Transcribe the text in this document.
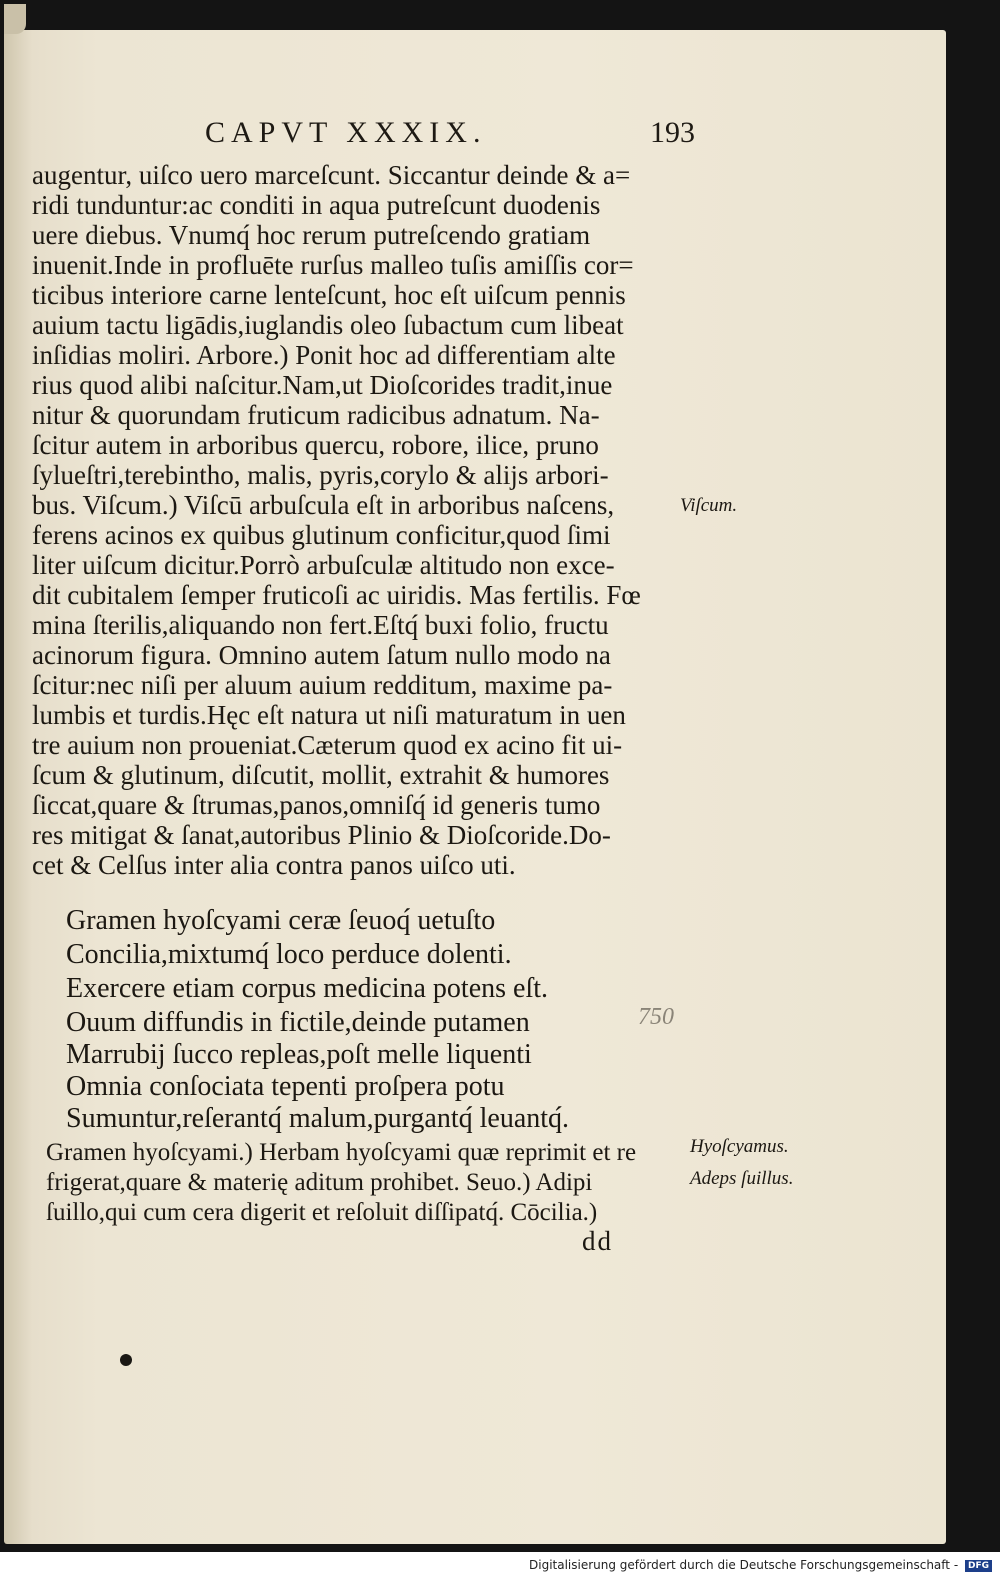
CAPVT XXXIX.	193
augentur, uiſco uero marceſcunt. Siccantur deinde & a=
ridi tunduntur:ac conditi in aqua putreſcunt duodenis
uere diebus. Vnumq́ hoc rerum putreſcendo gratiam
inuenit.Inde in profluēte rurſus malleo tuſis amiſſis cor=
ticibus interiore carne lenteſcunt, hoc eſt uiſcum pennis
auium tactu ligādis,iuglandis oleo ſubactum cum libeat
inſidias moliri. Arbore.) Ponit hoc ad differentiam alte
rius quod alibi naſcitur.Nam,ut Dioſcorides tradit,inue
nitur & quorundam fruticum radicibus adnatum. Na-
ſcitur autem in arboribus quercu, robore, ilice, pruno
ſylueſtri,terebintho, malis, pyris,corylo & alijs arbori-
bus. Viſcum.) Viſcū arbuſcula eſt in arboribus naſcens,
ferens acinos ex quibus glutinum conficitur,quod ſimi
liter uiſcum dicitur.Porrò arbuſculæ altitudo non exce-
dit cubitalem ſemper fruticoſi ac uiridis. Mas fertilis. Fœ
mina ſterilis,aliquando non fert.Eſtq́ buxi folio, fructu
acinorum figura. Omnino autem ſatum nullo modo na
ſcitur:nec niſi per aluum auium redditum, maxime pa-
lumbis et turdis.Hęc eſt natura ut niſi maturatum in uen
tre auium non proueniat.Cæterum quod ex acino fit ui-
ſcum & glutinum, diſcutit, mollit, extrahit & humores
ſiccat,quare & ſtrumas,panos,omniſq́ id generis tumo
res mitigat & ſanat,autoribus Plinio & Dioſcoride.Do-
cet & Celſus inter alia contra panos uiſco uti.
Gramen hyoſcyami ceræ ſeuoq́ uetuſto
Concilia,mixtumq́ loco perduce dolenti.
Exercere etiam corpus medicina potens eſt.
Ouum diffundis in fictile,deinde putamen
Marrubij ſucco repleas,poſt melle liquenti
Omnia conſociata tepenti proſpera potu
Sumuntur,reſerantq́ malum,purgantq́ leuantq́.
Gramen hyoſcyami.) Herbam hyoſcyami quæ reprimit et re
frigerat,quare & materię aditum prohibet. Seuo.) Adipi
ſuillo,qui cum cera digerit et reſoluit diſſipatq́. Cōcilia.)
Viſcum.
Hyoſcyamus.
Adeps ſuillus.
750
dd
Digitalisierung gefördert durch die Deutsche Forschungsgemeinschaft - DFG
